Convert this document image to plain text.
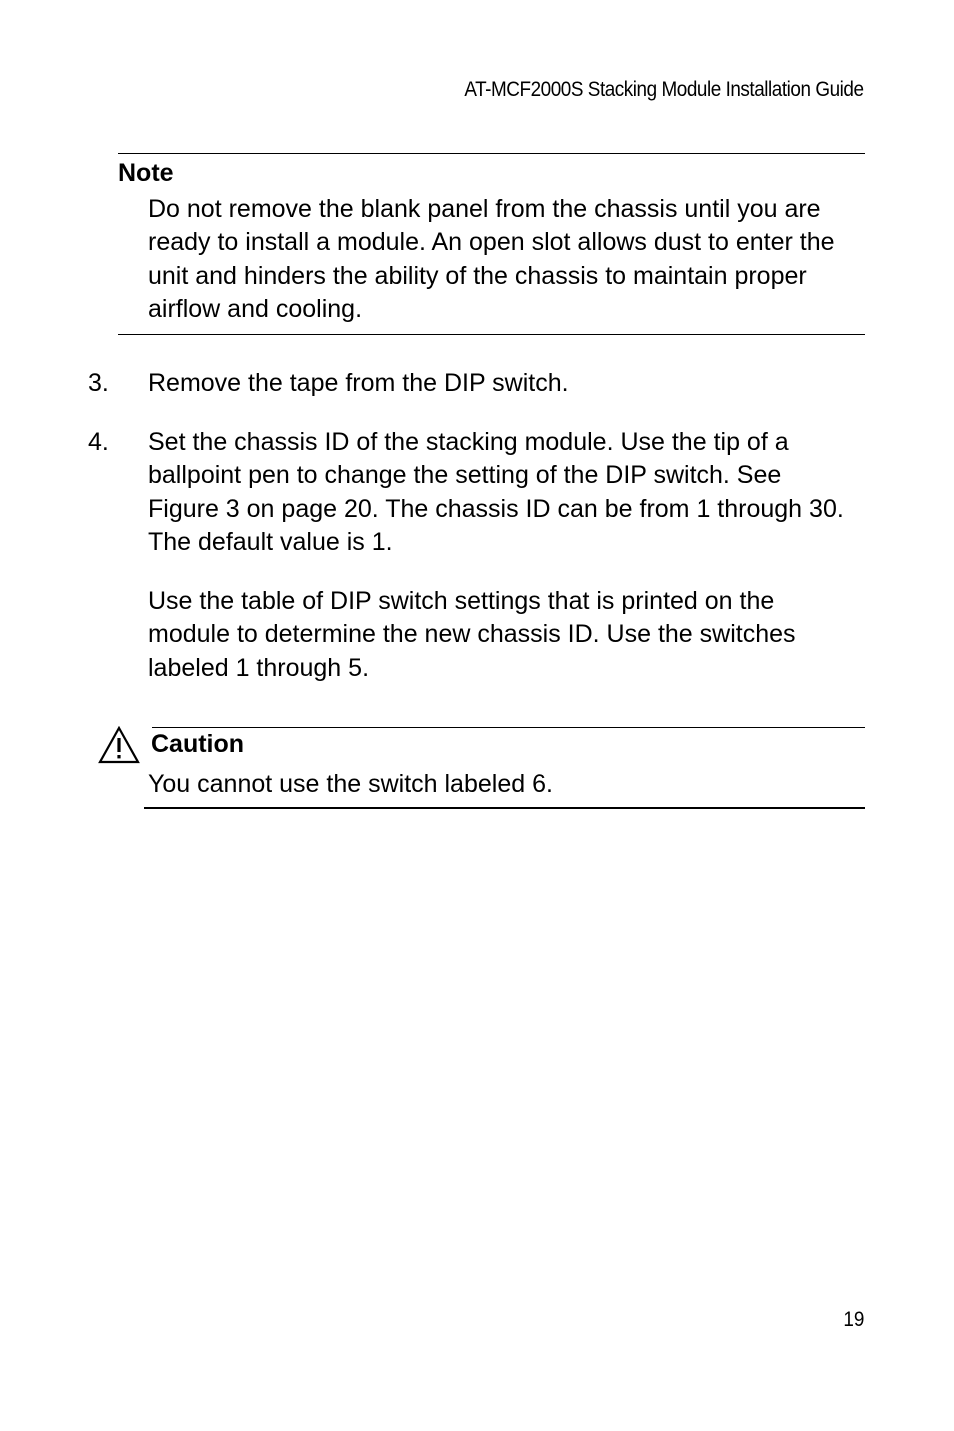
AT-MCF2000S Stacking Module Installation Guide
Note
Do not remove the blank panel from the chassis until you are ready to install a module. An open slot allows dust to enter the unit and hinders the ability of the chassis to maintain proper airflow and cooling.
3. Remove the tape from the DIP switch.
4. Set the chassis ID of the stacking module. Use the tip of a ballpoint pen to change the setting of the DIP switch. See Figure 3 on page 20. The chassis ID can be from 1 through 30. The default value is 1.
Use the table of DIP switch settings that is printed on the module to determine the new chassis ID. Use the switches labeled 1 through 5.
Caution
You cannot use the switch labeled 6.
19
